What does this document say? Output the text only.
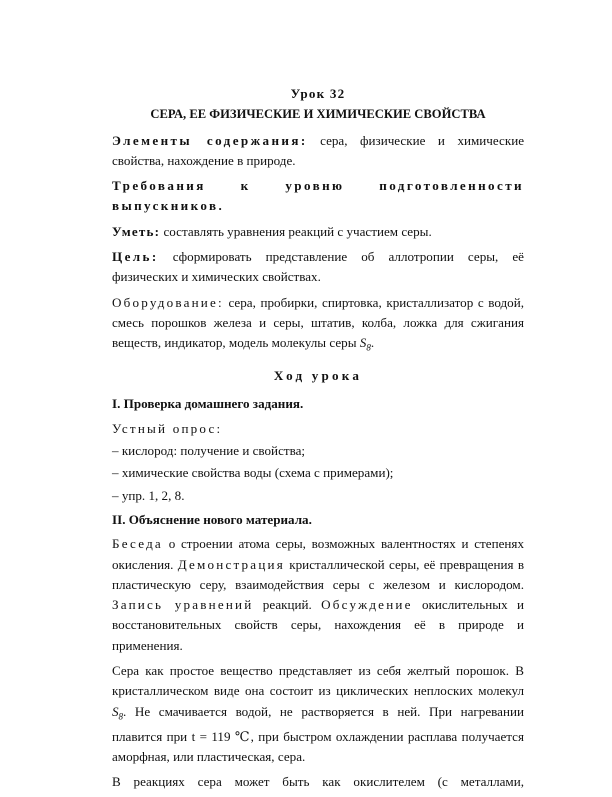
Урок 32
СЕРА, ЕЕ ФИЗИЧЕСКИЕ И ХИМИЧЕСКИЕ СВОЙСТВА

Элементы содержания: сера, физические и химические свойства, нахождение в природе.

Требования	к	уровню	подготовленности
выпускников.

Уметь: составлять уравнения реакций с участием серы.

Цель: сформировать представление об аллотропии серы, её физических и химических свойствах.

Оборудование: сера, пробирки, спиртовка, кристаллизатор с водой, смесь порошков железа и серы, штатив, колба, ложка для сжигания веществ, индикатор, модель молекулы серы $S_8$.

Ход урока

I. Проверка домашнего задания.

Устный опрос:

– кислород: получение и свойства;
– химические свойства воды (схема с примерами);
– упр. 1, 2, 8.

II. Объяснение нового материала.

Беседа о строении атома серы, возможных валентностях и степенях окисления. Демонстрация кристаллической серы, её превращения в пластическую серу, взаимодействия серы с железом и кислородом. Запись уравнений реакций. Обсуждение окислительных и восстановительных свойств серы, нахождения её в природе и применения.

Сера как простое вещество представляет из себя желтый порошок. В кристаллическом виде она состоит из циклических неплоских молекул $S_8$. Не смачивается водой, не растворяется в ней. При нагревании плавится при t = 119 ℃, при быстром охлаждении расплава получается аморфная, или пластическая, сера.

В реакциях сера может быть как окислителем (с металлами,
